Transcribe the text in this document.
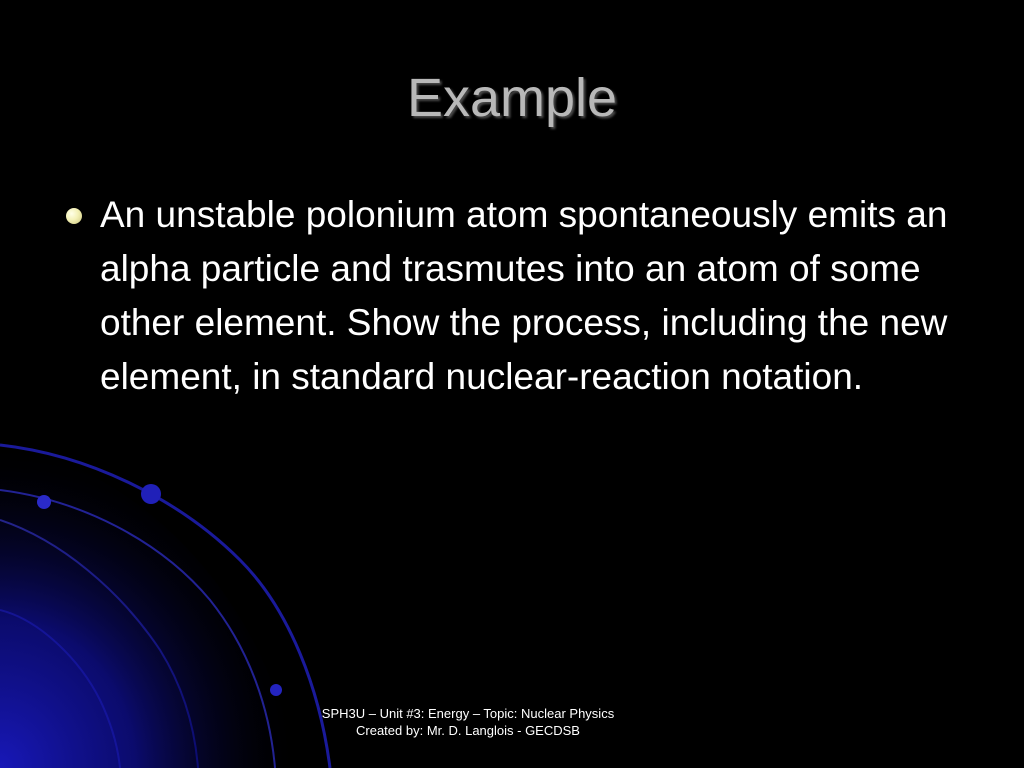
Example
An unstable polonium atom spontaneously emits an alpha particle and trasmutes into an atom of some other element. Show the process, including the new element, in standard nuclear-reaction notation.
SPH3U – Unit #3: Energy – Topic: Nuclear Physics
Created by: Mr. D. Langlois - GECDSB
